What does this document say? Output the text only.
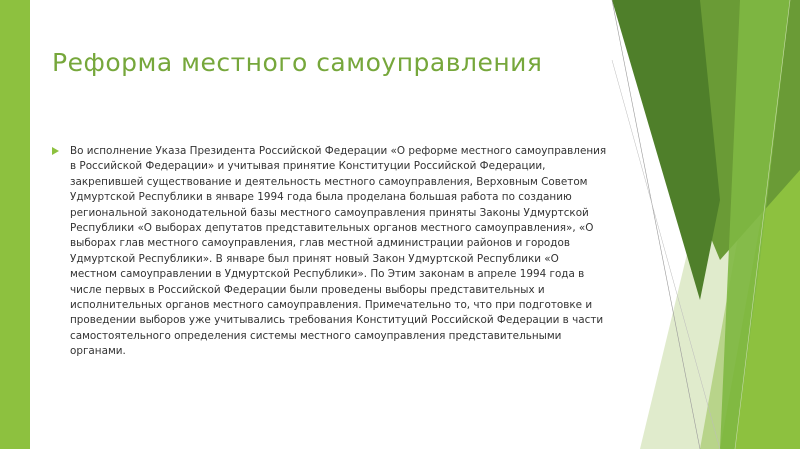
Реформа местного самоуправления

Во исполнение Указа Президента Российской Федерации «О реформе местного самоуправления в Российской Федерации» и учитывая принятие Конституции Российской Федерации, закрепившей существование и деятельность местного самоуправления, Верховным Советом Удмуртской Республики в январе 1994 года была проделана большая работа по созданию региональной законодательной базы местного самоуправления приняты Законы Удмуртской Республики «О выборах депутатов представительных органов местного самоуправления», «О выборах глав местного самоуправления, глав местной администрации районов и городов Удмуртской Республики». В январе был принят новый Закон Удмуртской Республики «О местном самоуправлении в Удмуртской Республики». По Этим законам в апреле 1994 года в числе первых в Российской Федерации были проведены выборы представительных и исполнительных органов местного самоуправления. Примечательно то, что при подготовке и проведении выборов уже учитывались требования Конституций Российской Федерации в части самостоятельного определения системы местного самоуправления представительными органами.
